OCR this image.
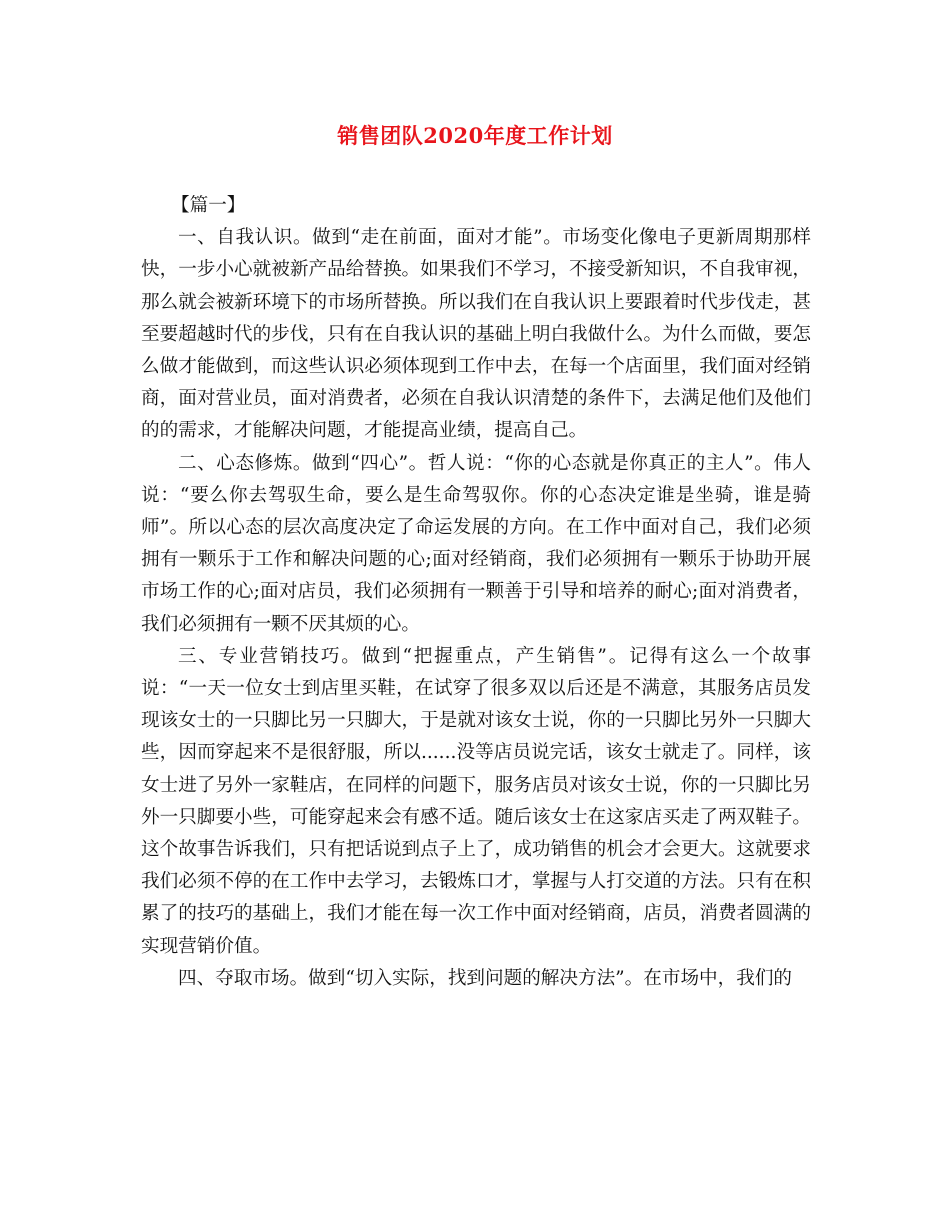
销售团队2020年度工作计划

【篇一】

一、自我认识。做到“走在前面，面对才能”。市场变化像电子更新周期那样快，一步小心就被新产品给替换。如果我们不学习，不接受新知识，不自我审视，那么就会被新环境下的市场所替换。所以我们在自我认识上要跟着时代步伐走，甚至要超越时代的步伐，只有在自我认识的基础上明白我做什么。为什么而做，要怎么做才能做到，而这些认识必须体现到工作中去，在每一个店面里，我们面对经销商，面对营业员，面对消费者，必须在自我认识清楚的条件下，去满足他们及他们的的需求，才能解决问题，才能提高业绩，提高自己。

二、心态修炼。做到“四心”。哲人说：“你的心态就是你真正的主人”。伟人说：“要么你去驾驭生命，要么是生命驾驭你。你的心态决定谁是坐骑，谁是骑师”。所以心态的层次高度决定了命运发展的方向。在工作中面对自己，我们必须拥有一颗乐于工作和解决问题的心;面对经销商，我们必须拥有一颗乐于协助开展市场工作的心;面对店员，我们必须拥有一颗善于引导和培养的耐心;面对消费者，我们必须拥有一颗不厌其烦的心。

三、专业营销技巧。做到“把握重点，产生销售”。记得有这么一个故事说：“一天一位女士到店里买鞋，在试穿了很多双以后还是不满意，其服务店员发现该女士的一只脚比另一只脚大，于是就对该女士说，你的一只脚比另外一只脚大些，因而穿起来不是很舒服，所以......没等店员说完话，该女士就走了。同样，该女士进了另外一家鞋店，在同样的问题下，服务店员对该女士说，你的一只脚比另外一只脚要小些，可能穿起来会有感不适。随后该女士在这家店买走了两双鞋子。这个故事告诉我们，只有把话说到点子上了，成功销售的机会才会更大。这就要求我们必须不停的在工作中去学习，去锻炼口才，掌握与人打交道的方法。只有在积累了的技巧的基础上，我们才能在每一次工作中面对经销商，店员，消费者圆满的实现营销价值。

四、夺取市场。做到“切入实际，找到问题的解决方法”。在市场中，我们的
